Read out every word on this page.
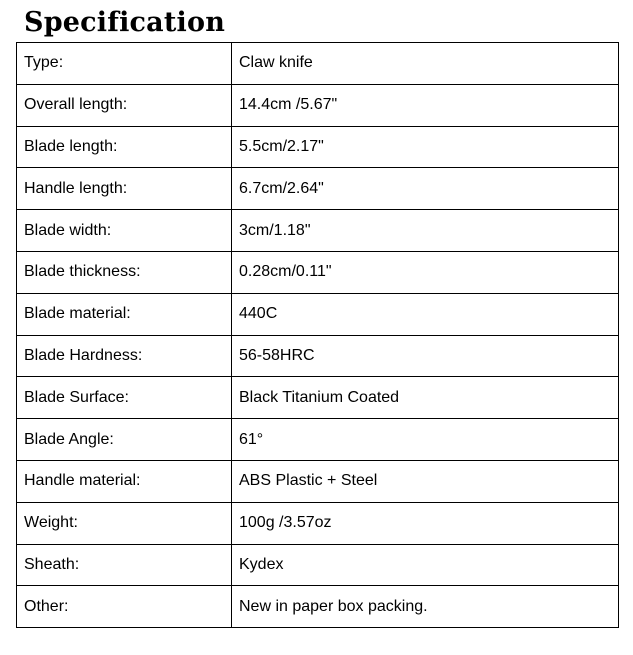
Specification
Type:	Claw knife
Overall length:	14.4cm /5.67"
Blade length:	5.5cm/2.17"
Handle length:	6.7cm/2.64"
Blade width:	3cm/1.18"
Blade thickness:	0.28cm/0.11"
Blade material:	440C
Blade Hardness:	56-58HRC
Blade Surface:	Black Titanium Coated
Blade Angle:	61°
Handle material:	ABS Plastic + Steel
Weight:	100g /3.57oz
Sheath:	Kydex
Other:	New in paper box packing.
